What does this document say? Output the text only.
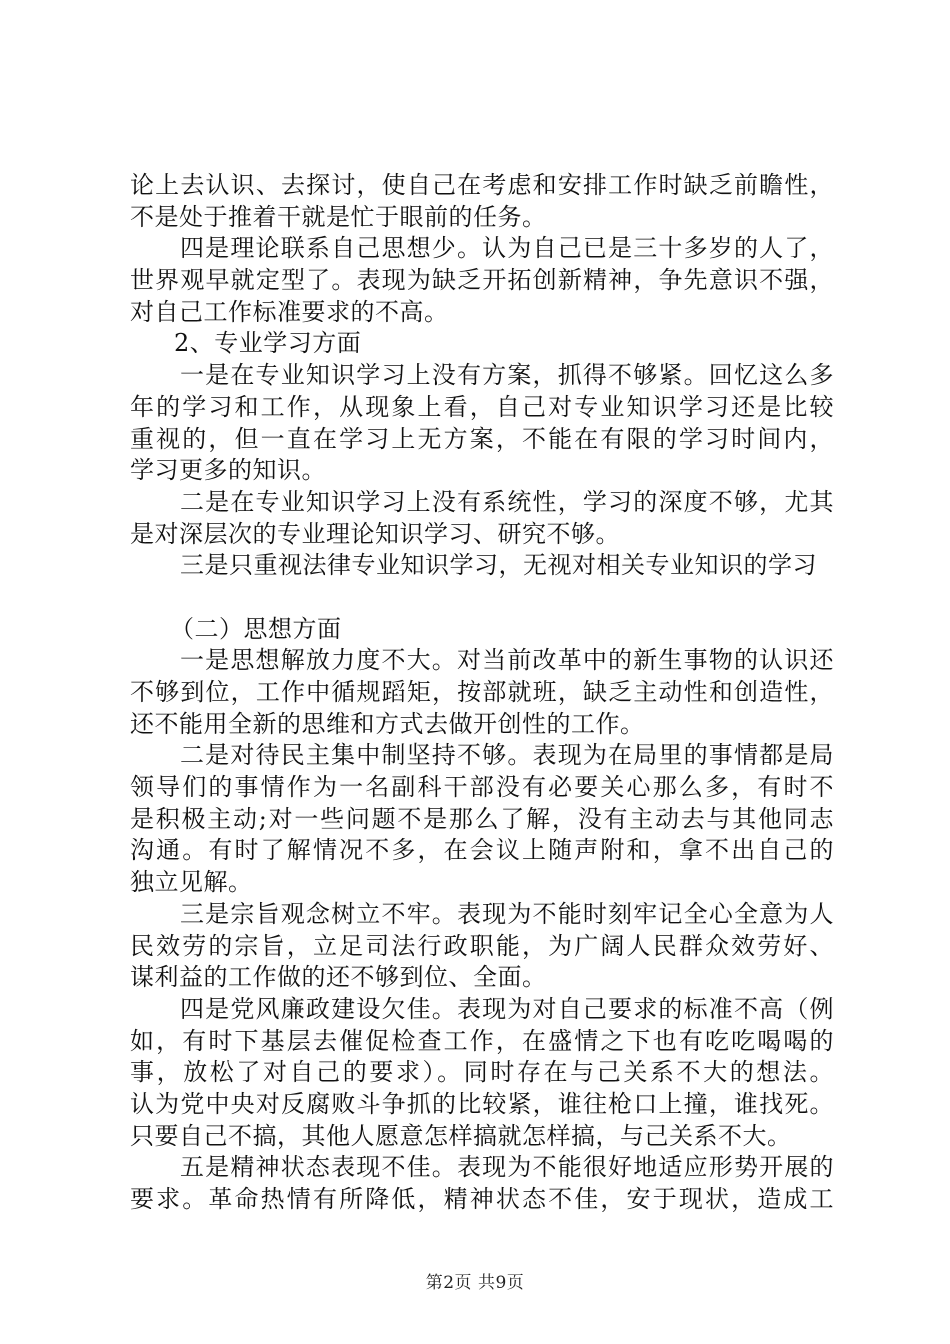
论上去认识、去探讨，使自己在考虑和安排工作时缺乏前瞻性，
不是处于推着干就是忙于眼前的任务。
四是理论联系自己思想少。认为自己已是三十多岁的人了，
世界观早就定型了。表现为缺乏开拓创新精神，争先意识不强，
对自己工作标准要求的不高。
2、专业学习方面
一是在专业知识学习上没有方案，抓得不够紧。回忆这么多
年的学习和工作，从现象上看，自己对专业知识学习还是比较
重视的，但一直在学习上无方案，不能在有限的学习时间内，
学习更多的知识。
二是在专业知识学习上没有系统性，学习的深度不够，尤其
是对深层次的专业理论知识学习、研究不够。
三是只重视法律专业知识学习，无视对相关专业知识的学习
（二）思想方面
一是思想解放力度不大。对当前改革中的新生事物的认识还
不够到位，工作中循规蹈矩，按部就班，缺乏主动性和创造性，
还不能用全新的思维和方式去做开创性的工作。
二是对待民主集中制坚持不够。表现为在局里的事情都是局
领导们的事情作为一名副科干部没有必要关心那么多，有时不
是积极主动;对一些问题不是那么了解，没有主动去与其他同志
沟通。有时了解情况不多，在会议上随声附和，拿不出自己的
独立见解。
三是宗旨观念树立不牢。表现为不能时刻牢记全心全意为人
民效劳的宗旨，立足司法行政职能，为广阔人民群众效劳好、
谋利益的工作做的还不够到位、全面。
四是党风廉政建设欠佳。表现为对自己要求的标准不高（例
如，有时下基层去催促检查工作，在盛情之下也有吃吃喝喝的
事，放松了对自己的要求）。同时存在与己关系不大的想法。
认为党中央对反腐败斗争抓的比较紧，谁往枪口上撞，谁找死。
只要自己不搞，其他人愿意怎样搞就怎样搞，与己关系不大。
五是精神状态表现不佳。表现为不能很好地适应形势开展的
要求。革命热情有所降低，精神状态不佳，安于现状，造成工
第2页 共9页
